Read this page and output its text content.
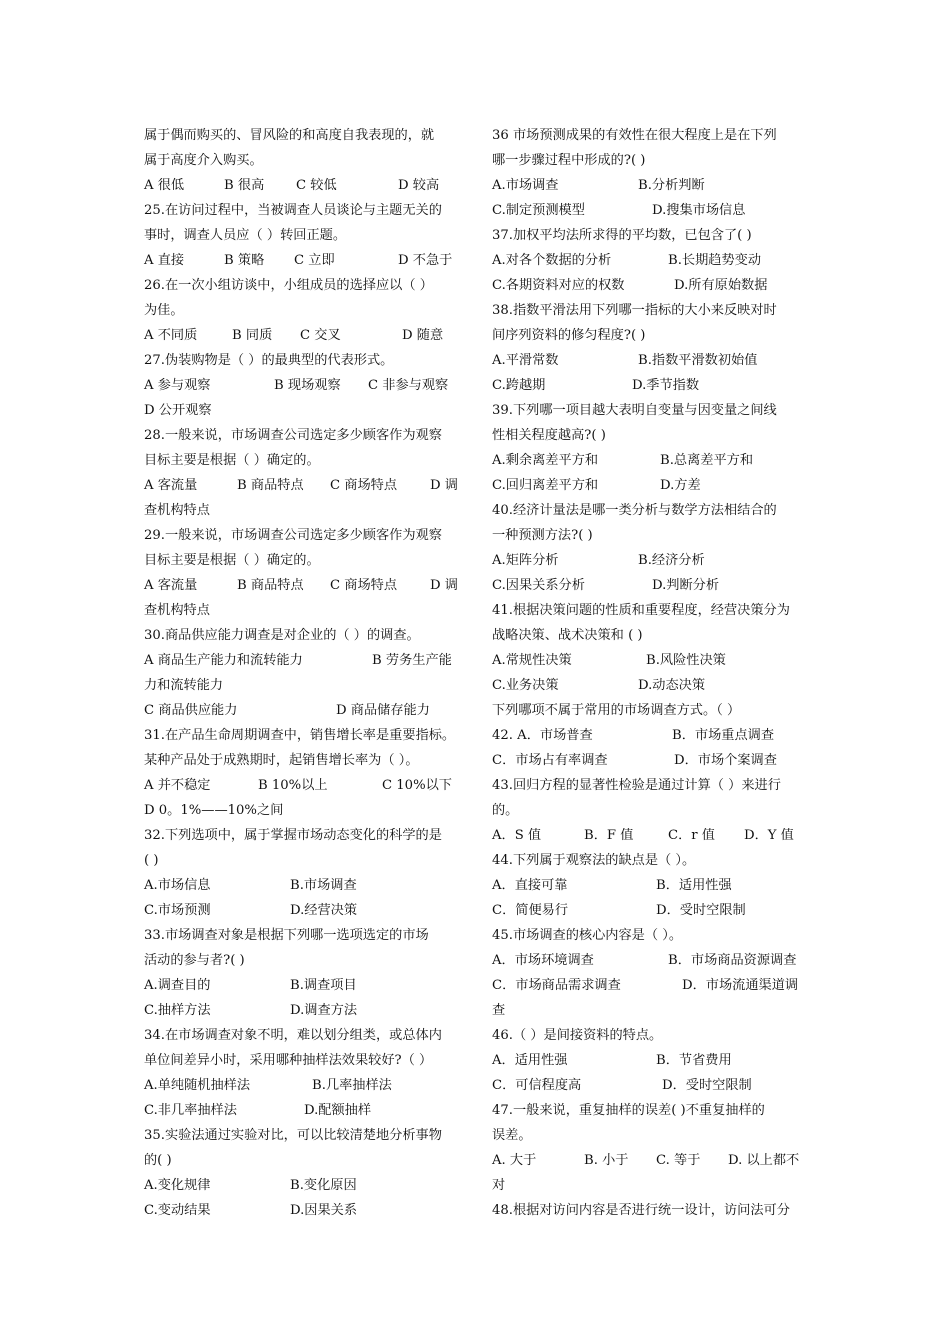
属于偶而购买的、冒风险的和高度自我表现的，就
属于高度介入购买。
A 很低	B 很高 C 较低	D 较高
25.在访问过程中，当被调查人员谈论与主题无关的
事时，调查人员应（ ）转回正题。
A 直接	B 策略 C 立即	D 不急于
26.在一次小组访谈中，小组成员的选择应以（ ）
为佳。
A 不同质	B 同质 C 交叉	D 随意
27.伪装购物是（ ）的最典型的代表形式。
A 参与观察	B 现场观察 C 非参与观察
D 公开观察
28.一般来说，市场调查公司选定多少顾客作为观察
目标主要是根据（ ）确定的。
A 客流量	B 商品特点 C 商场特点 D 调
查机构特点
29.一般来说，市场调查公司选定多少顾客作为观察
目标主要是根据（ ）确定的。
A 客流量	B 商品特点 C 商场特点 D 调
查机构特点
30.商品供应能力调查是对企业的（ ）的调查。
A 商品生产能力和流转能力	B 劳务生产能
力和流转能力
C 商品供应能力	D 商品储存能力
31.在产品生命周期调查中，销售增长率是重要指标。
某种产品处于成熟期时，起销售增长率为（ ）。
A 并不稳定	B 10%以上	C 10%以下
D 0。1%——10%之间
32.下列选项中，属于掌握市场动态变化的科学的是
( )
A.市场信息	B.市场调查
C.市场预测	D.经营决策
33.市场调查对象是根据下列哪一选项选定的市场
活动的参与者?( )
A.调查目的	B.调查项目
C.抽样方法	D.调查方法
34.在市场调查对象不明，难以划分组类，或总体内
单位间差异小时，采用哪种抽样法效果较好?（ ）
A.单纯随机抽样法	B.几率抽样法
C.非几率抽样法	D.配额抽样
35.实验法通过实验对比，可以比较清楚地分析事物
的( )
A.变化规律	B.变化原因
C.变动结果	D.因果关系
36 市场预测成果的有效性在很大程度上是在下列
哪一步骤过程中形成的?( )
A.市场调查	B.分析判断
C.制定预测模型	D.搜集市场信息
37.加权平均法所求得的平均数，已包含了( )
A.对各个数据的分析	B.长期趋势变动
C.各期资料对应的权数	D.所有原始数据
38.指数平滑法用下列哪一指标的大小来反映对时
间序列资料的修匀程度?( )
A.平滑常数	B.指数平滑数初始值
C.跨越期	D.季节指数
39.下列哪一项目越大表明自变量与因变量之间线
性相关程度越高?( )
A.剩余离差平方和	B.总离差平方和
C.回归离差平方和	D.方差
40.经济计量法是哪一类分析与数学方法相结合的
一种预测方法?( )
A.矩阵分析	B.经济分析
C.因果关系分析	D.判断分析
41.根据决策问题的性质和重要程度，经营决策分为
战略决策、战术决策和 ( )
A.常规性决策	B.风险性决策
C.业务决策	D.动态决策
下列哪项不属于常用的市场调查方式。（ ）
42. A．市场普查	B．市场重点调查
C．市场占有率调查	D．市场个案调查
43.回归方程的显著性检验是通过计算（ ）来进行
的。
A．S 值	B．F 值	C．r 值 D．Y 值
44.下列属于观察法的缺点是（ ）。
A．直接可靠	B．适用性强
C．简便易行	D．受时空限制
45.市场调查的核心内容是（ ）。
A．市场环境调查	B．市场商品资源调查
C．市场商品需求调查	D．市场流通渠道调
查
46.（ ）是间接资料的特点。
A．适用性强	B．节省费用
C．可信程度高	D．受时空限制
47.一般来说，重复抽样的误差( )不重复抽样的
误差。
A. 大于	B. 小于 C. 等于 D. 以上都不
对
48.根据对访问内容是否进行统一设计，访问法可分
